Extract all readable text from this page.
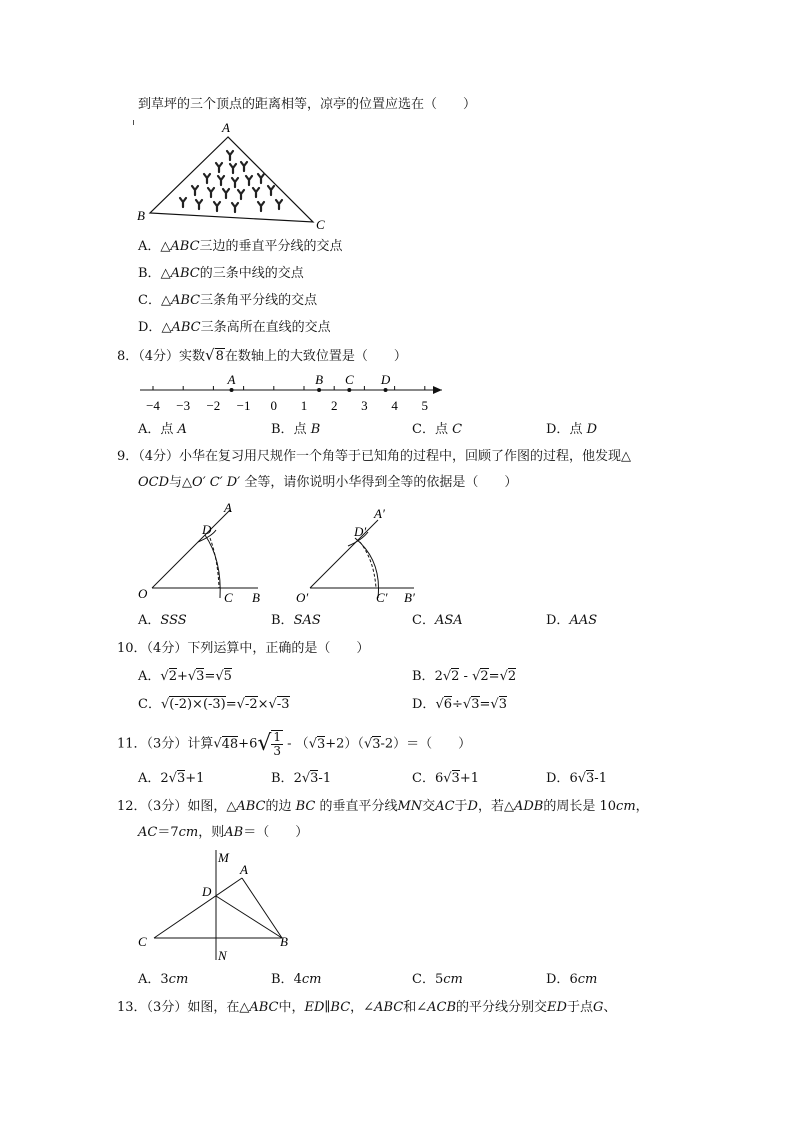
到草坪的三个顶点的距离相等，凉亭的位置应选在（　　）
A
B
C
A．△ABC三边的垂直平分线的交点
B．△ABC的三条中线的交点
C．△ABC三条角平分线的交点
D．△ABC三条高所在直线的交点
8．（4分）实数√8在数轴上的大致位置是（　　）
−4 −3 −2 −1 0 1 2 3 4 5
A	B C D
A．点 A	B．点 B	C．点 C	D．点 D
9．（4分）小华在复习用尺规作一个角等于已知角的过程中，回顾了作图的过程，他发现△
OCD与△O′ C′ D′ 全等，请你说明小华得到全等的依据是（　　）
O	C B
D
A
O′	C′ B′
D′
A′
A．SSS	B．SAS	C．ASA	D．AAS
10．（4分）下列运算中，正确的是（　　）
A．√2+√3=√5	B．2√2 - √2=√2
C．√(-2)×(-3)=√-2×√-3	D．√6÷√3=√3
11．（3分）计算$√48+6√ \frac{1}{3} - (√3+2)(√3-2)=$（　　）
A．2√3+1	B．2√3-1	C．6√3+1	D．6√3-1
12．（3分）如图，△ABC的边 BC 的垂直平分线MN交AC于D，若△ADB的周长是 10cm，
AC＝7cm，则AB＝（　　）
M
A
D
C	B
N
A．3cm	B．4cm	C．5cm	D．6cm
13．（3分）如图，在△ABC中，ED∥BC，∠ABC和∠ACB的平分线分别交ED于点G、
